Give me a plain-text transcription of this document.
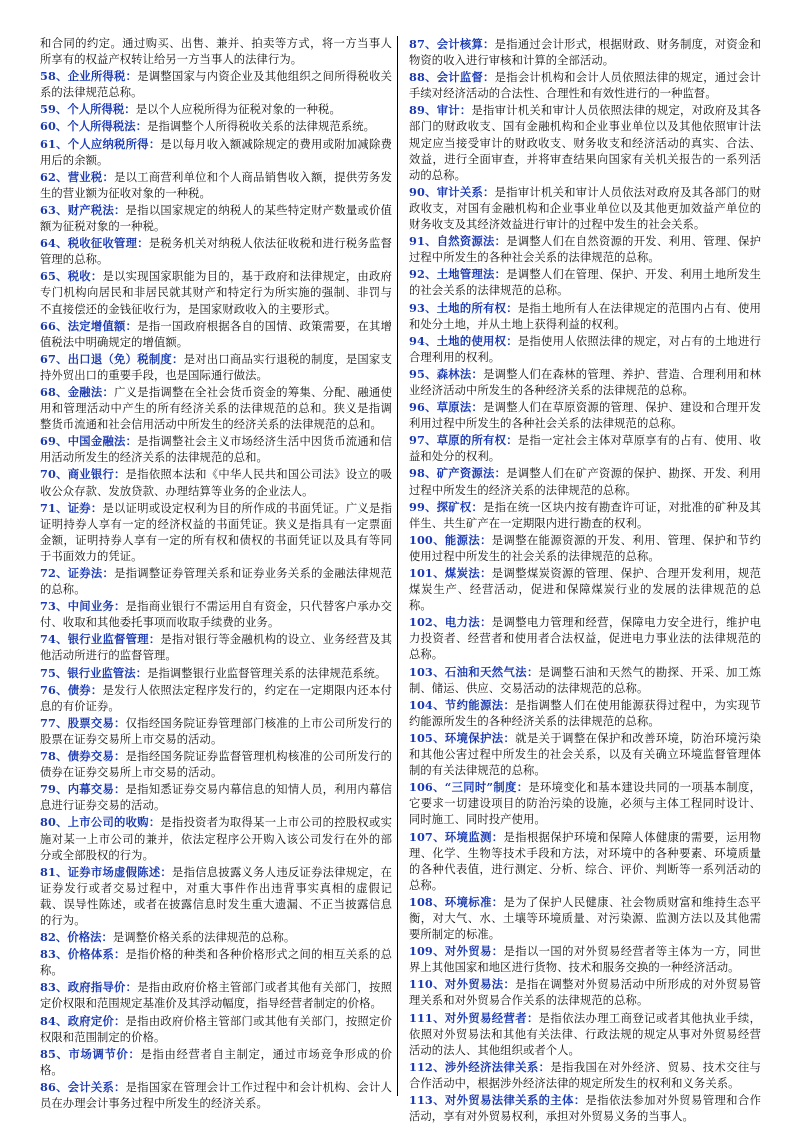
和合同的约定。通过购买、出售、兼并、拍卖等方式，将一方当事人所享有的权益产权转让给另一方当事人的法律行为。

58、企业所得税：是调整国家与内资企业及其他组织之间所得税收关系的法律规范总称。

59、个人所得税：是以个人应税所得为征税对象的一种税。

60、个人所得税法：是指调整个人所得税收关系的法律规范系统。

61、个人应纳税所得：是以每月收入额减除规定的费用或附加减除费用后的余额。

62、营业税：是以工商营利单位和个人商品销售收入额，提供劳务发生的营业额为征收对象的一种税。

63、财产税法：是指以国家规定的纳税人的某些特定财产数量或价值额为征税对象的一种税。

64、税收征收管理：是税务机关对纳税人依法征收税和进行税务监督管理的总称。

65、税收：是以实现国家职能为目的，基于政府和法律规定，由政府专门机构向居民和非居民就其财产和特定行为所实施的强制、非罚与不直接偿还的金钱征收行为，是国家财政收入的主要形式。

66、法定增值额：是指一国政府根据各自的国情、政策需要，在其增值税法中明确规定的增值额。

67、出口退（免）税制度：是对出口商品实行退税的制度，是国家支持外贸出口的重要手段，也是国际通行做法。

68、金融法：广义是指调整在全社会货币资金的筹集、分配、融通使用和管理活动中产生的所有经济关系的法律规范的总和。狭义是指调整货币流通和社会信用活动中所发生的经济关系的法律规范的总和。

69、中国金融法：是指调整社会主义市场经济生活中因货币流通和信用活动所发生的经济关系的法律规范的总和。

70、商业银行：是指依照本法和《中华人民共和国公司法》设立的吸收公众存款、发放贷款、办理结算等业务的企业法人。

71、证券：是以证明或设定权利为目的所作成的书面凭证。广义是指证明持券人享有一定的经济权益的书面凭证。狭义是指具有一定票面金额，证明持券人享有一定的所有权和债权的书面凭证以及具有等同于书面效力的凭证。

72、证券法：是指调整证券管理关系和证券业务关系的金融法律规范的总称。

73、中间业务：是指商业银行不需运用自有资金，只代替客户承办交付、收取和其他委托事项而收取手续费的业务。

74、银行业监督管理：是指对银行等金融机构的设立、业务经营及其他活动所进行的监督管理。

75、银行业监管法：是指调整银行业监督管理关系的法律规范系统。

76、债券：是发行人依照法定程序发行的，约定在一定期限内还本付息的有价证券。

77、股票交易：仅指经国务院证券管理部门核准的上市公司所发行的股票在证券交易所上市交易的活动。

78、债券交易：是指经国务院证券监督管理机构核准的公司所发行的债券在证券交易所上市交易的活动。

79、内幕交易：是指知悉证券交易内幕信息的知情人员，利用内幕信息进行证券交易的活动。

80、上市公司的收购：是指投资者为取得某一上市公司的控股权或实施对某一上市公司的兼并，依法定程序公开购入该公司发行在外的部分或全部股权的行为。

81、证券市场虚假陈述：是指信息披露义务人违反证券法律规定，在证券发行或者交易过程中，对重大事件作出违背事实真相的虚假记载、误导性陈述，或者在披露信息时发生重大遗漏、不正当披露信息的行为。

82、价格法：是调整价格关系的法律规范的总称。

83、价格体系：是指价格的种类和各种价格形式之间的相互关系的总称。

83、政府指导价：是指由政府价格主管部门或者其他有关部门，按照定价权限和范围规定基准价及其浮动幅度，指导经营者制定的价格。

84、政府定价：是指由政府价格主管部门或其他有关部门，按照定价权限和范围制定的价格。

85、市场调节价：是指由经营者自主制定，通过市场竞争形成的价格。

86、会计关系：是指国家在管理会计工作过程中和会计机构、会计人员在办理会计事务过程中所发生的经济关系。

87、会计核算：是指通过会计形式，根据财政、财务制度，对资金和物资的收入进行审核和计算的全部活动。

88、会计监督：是指会计机构和会计人员依照法律的规定，通过会计手续对经济活动的合法性、合理性和有效性进行的一种监督。

89、审计：是指审计机关和审计人员依照法律的规定，对政府及其各部门的财政收支、国有金融机构和企业事业单位以及其他依照审计法规定应当接受审计的财政收支、财务收支和经济活动的真实、合法、效益，进行全面审查，并将审查结果向国家有关机关报告的一系列活动的总称。

90、审计关系：是指审计机关和审计人员依法对政府及其各部门的财政收支，对国有金融机构和企业事业单位以及其他更加效益产单位的财务收支及其经济效益进行审计的过程中发生的社会关系。

91、自然资源法：是调整人们在自然资源的开发、利用、管理、保护过程中所发生的各种社会关系的法律规范的总称。

92、土地管理法：是调整人们在管理、保护、开发、利用土地所发生的社会关系的法律规范的总称。

93、土地的所有权：是指土地所有人在法律规定的范围内占有、使用和处分土地，并从土地上获得利益的权利。

94、土地的使用权：是指使用人依照法律的规定，对占有的土地进行合理利用的权利。

95、森林法：是调整人们在森林的管理、养护、营造、合理利用和林业经济活动中所发生的各种经济关系的法律规范的总称。

96、草原法：是调整人们在草原资源的管理、保护、建设和合理开发利用过程中所发生的各种社会关系的法律规范的总称。

97、草原的所有权：是指一定社会主体对草原享有的占有、使用、收益和处分的权利。

98、矿产资源法：是调整人们在矿产资源的保护、勘探、开发、利用过程中所发生的经济关系的法律规范的总称。

99、探矿权：是指在统一区块内按有勘查许可证，对批准的矿种及其伴生、共生矿产在一定期限内进行勘查的权利。

100、能源法：是调整在能源资源的开发、利用、管理、保护和节约使用过程中所发生的社会关系的法律规范的总称。

101、煤炭法：是调整煤炭资源的管理、保护、合理开发利用，规范煤炭生产、经营活动，促进和保障煤炭行业的发展的法律规范的总称。

102、电力法：是调整电力管理和经营，保障电力安全进行，维护电力投资者、经营者和使用者合法权益，促进电力事业法的法律规范的总称。

103、石油和天然气法：是调整石油和天然气的勘探、开采、加工炼制、储运、供应、交易活动的法律规范的总称。

104、节约能源法：是指调整人们在使用能源获得过程中，为实现节约能源所发生的各种经济关系的法律规范的总称。

105、环境保护法：就是关于调整在保护和改善环境，防治环境污染和其他公害过程中所发生的社会关系，以及有关确立环境监督管理体制的有关法律规范的总称。

106、“三同时”制度：是环境变化和基本建设共同的一项基本制度，它要求一切建设项目的防治污染的设施，必须与主体工程同时设计、同时施工、同时投产使用。

107、环境监测：是指根据保护环境和保障人体健康的需要，运用物理、化学、生物等技术手段和方法，对环境中的各种要素、环境质量的各种代表值，进行测定、分析、综合、评价、判断等一系列活动的总称。

108、环境标准：是为了保护人民健康、社会物质财富和维持生态平衡，对大气、水、土壤等环境质量、对污染源、监测方法以及其他需要所制定的标准。

109、对外贸易：是指以一国的对外贸易经营者等主体为一方，同世界上其他国家和地区进行货物、技术和服务交换的一种经济活动。

110、对外贸易法：是指在调整对外贸易活动中所形成的对外贸易管理关系和对外贸易合作关系的法律规范的总称。

111、对外贸易经营者：是指依法办理工商登记或者其他执业手续，依照对外贸易法和其他有关法律、行政法规的规定从事对外贸易经营活动的法人、其他组织或者个人。

112、涉外经济法律关系：是指我国在对外经济、贸易、技术交往与合作活动中，根据涉外经济法律的规定所发生的权利和义务关系。

113、对外贸易法律关系的主体：是指依法参加对外贸易管理和合作活动，享有对外贸易权利，承担对外贸易义务的当事人。
